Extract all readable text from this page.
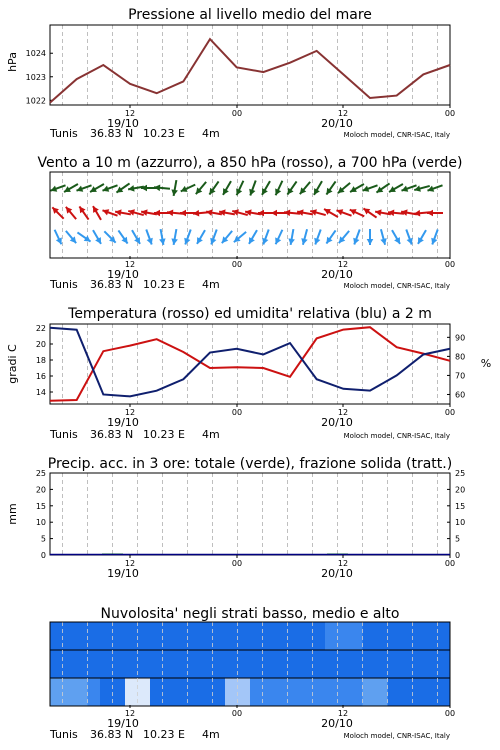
Pressione al livello medio del mare
hPa
1022
1023
1024
12	00	12	00
19/10	20/10
Tunis 36.83 N 10.23 E 4m	Moloch model, CNR-ISAC, Italy
Vento a 10 m (azzurro), a 850 hPa (rosso), a 700 hPa (verde)
12	00	12	00
19/10	20/10
Tunis 36.83 N 10.23 E 4m	Moloch model, CNR-ISAC, Italy
Temperatura (rosso) ed umidita' relativa (blu) a 2 m
gradi C	%
14
16
18
20
22
60
70
80
90
12	00	12	00
19/10	20/10
Tunis 36.83 N 10.23 E 4m	Moloch model, CNR-ISAC, Italy
Precip. acc. in 3 ore: totale (verde), frazione solida (tratt.)
mm
0	0
5	5
10	10
15	15
20	20
25	25
12	00	12	00
19/10	20/10
Nuvolosita' negli strati basso, medio e alto
12	00	12	00
19/10	20/10
Tunis 36.83 N 10.23 E 4m	Moloch model, CNR-ISAC, Italy
